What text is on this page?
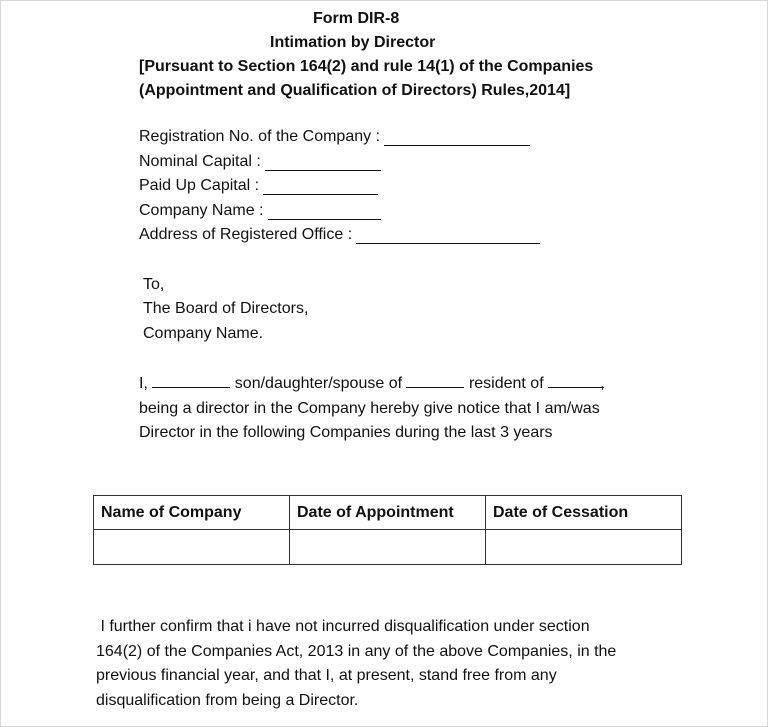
Form DIR-8
Intimation by Director
[Pursuant to Section 164(2) and rule 14(1) of the Companies
(Appointment and Qualification of Directors) Rules,2014]
Registration No. of the Company :
Nominal Capital :
Paid Up Capital :
Company Name :
Address of Registered Office :
To,
The Board of Directors,
Company Name.
I,	son/daughter/spouse of	resident of	,
being a director in the Company hereby give notice that I am/was
Director in the following Companies during the last 3 years
Name of Company	Date of Appointment	Date of Cessation

I further confirm that i have not incurred disqualification under section
164(2) of the Companies Act, 2013 in any of the above Companies, in the
previous financial year, and that I, at present, stand free from any
disqualification from being a Director.
